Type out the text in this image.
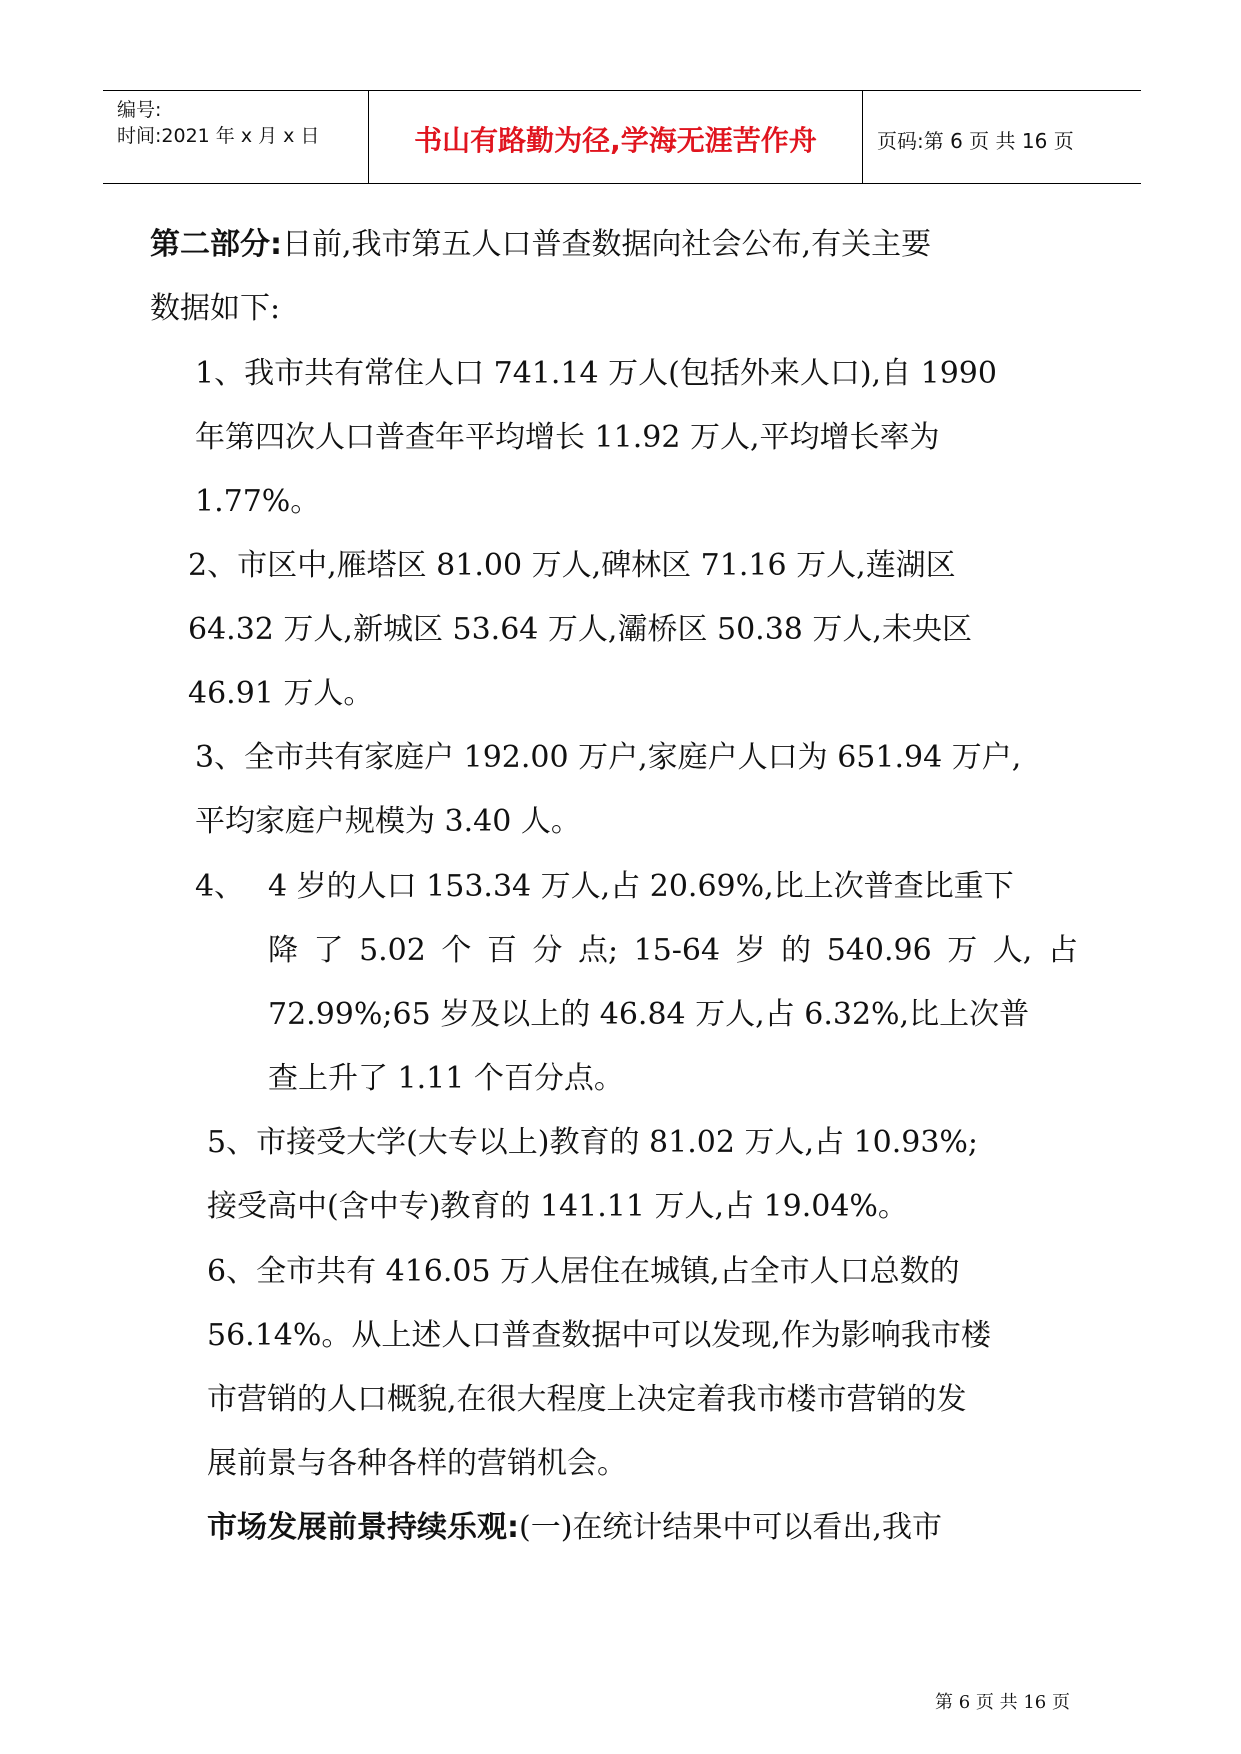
编号:
时间:2021 年 x 月 x 日	书山有路勤为径,学海无涯苦作舟	页码:第 6 页 共 16 页
第二部分:日前,我市第五人口普查数据向社会公布,有关主要
数据如下:
1、我市共有常住人口 741.14 万人(包括外来人口),自 1990
年第四次人口普查年平均增长 11.92 万人,平均增长率为
1.77%。
2、市区中,雁塔区 81.00 万人,碑林区 71.16 万人,莲湖区
64.32 万人,新城区 53.64 万人,灞桥区 50.38 万人,未央区
46.91 万人。
3、全市共有家庭户 192.00 万户,家庭户人口为 651.94 万户,
平均家庭户规模为 3.40 人。
4、 4 岁的人口 153.34 万人,占 20.69%,比上次普查比重下
降 了 5.02 个 百 分 点; 15-64 岁 的 540.96 万 人, 占
72.99%;65 岁及以上的 46.84 万人,占 6.32%,比上次普
查上升了 1.11 个百分点。
5、市接受大学(大专以上)教育的 81.02 万人,占 10.93%;
接受高中(含中专)教育的 141.11 万人,占 19.04%。
6、全市共有 416.05 万人居住在城镇,占全市人口总数的
56.14%。从上述人口普查数据中可以发现,作为影响我市楼
市营销的人口概貌,在很大程度上决定着我市楼市营销的发
展前景与各种各样的营销机会。
市场发展前景持续乐观:(一)在统计结果中可以看出,我市
第 6 页 共 16 页
